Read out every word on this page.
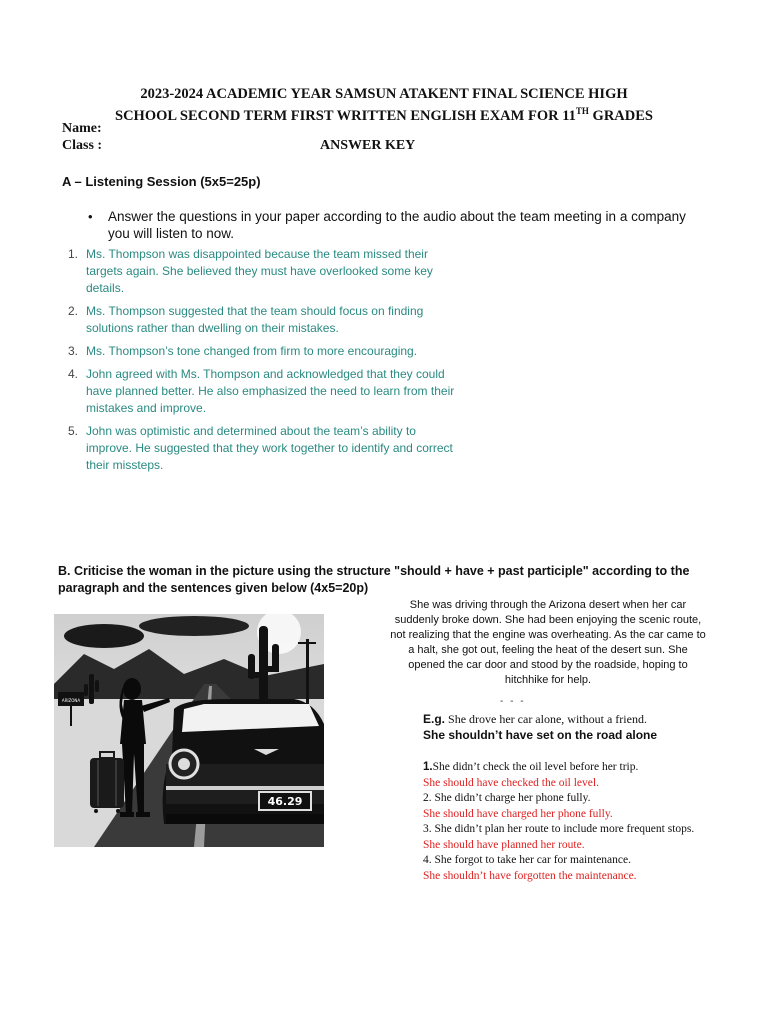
2023-2024 ACADEMIC YEAR SAMSUN ATAKENT FINAL SCIENCE HIGH
SCHOOL SECOND TERM FIRST WRITTEN ENGLISH EXAM FOR 11TH GRADES
Name:
Class :	ANSWER KEY
A – Listening Session (5x5=25p)
• Answer the questions in your paper according to the audio about the team meeting in a company you will listen to now.
1. Ms. Thompson was disappointed because the team missed their targets again. She believed they must have overlooked some key details.
2. Ms. Thompson suggested that the team should focus on finding solutions rather than dwelling on their mistakes.
3. Ms. Thompson’s tone changed from firm to more encouraging.
4. John agreed with Ms. Thompson and acknowledged that they could have planned better. He also emphasized the need to learn from their mistakes and improve.
5. John was optimistic and determined about the team’s ability to improve. He suggested that they work together to identify and correct their missteps.
B. Criticise the woman in the picture using the structure "should + have + past participle" according to the paragraph and the sentences given below (4x5=20p)
ARIZONA
46.29
She was driving through the Arizona desert when her car suddenly broke down. She had been enjoying the scenic route, not realizing that the engine was overheating. As the car came to a halt, she got out, feeling the heat of the desert sun. She opened the car door and stood by the roadside, hoping to hitchhike for help.
- - -
E.g. She drove her car alone, without a friend.
She shouldn’t have set on the road alone
1.She didn’t check the oil level before her trip.
She should have checked the oil level.
2. She didn’t charge her phone fully.
She should have charged her phone fully.
3. She didn’t plan her route to include more frequent stops.
She should have planned her route.
4. She forgot to take her car for maintenance.
She shouldn’t have forgotten the maintenance.
